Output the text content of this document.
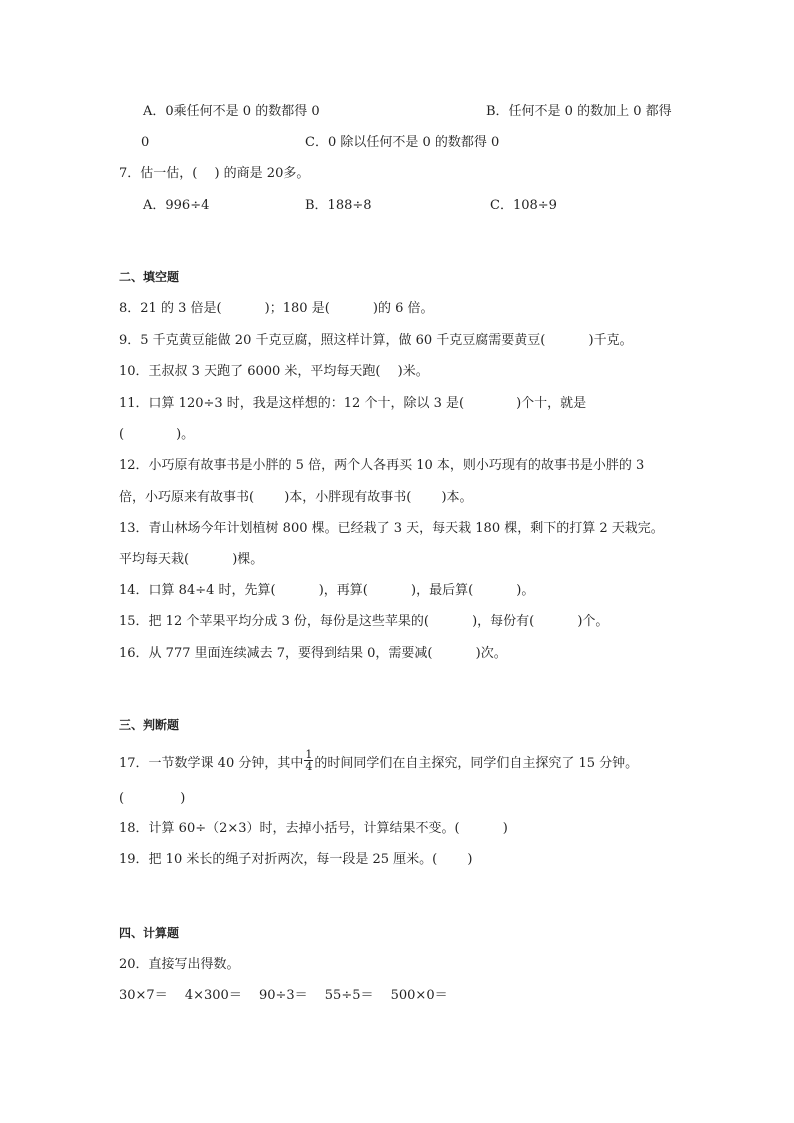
A．0乘任何不是 0 的数都得 0	B．任何不是 0 的数加上 0 都得
0	C．0 除以任何不是 0 的数都得 0
7．估一估，(　 ) 的商是 20多。
A．996÷4	B．188÷8	C．108÷9
二、填空题
8．21 的 3 倍是(　　　 )；180 是(　　　 )的 6 倍。
9．5 千克黄豆能做 20 千克豆腐，照这样计算，做 60 千克豆腐需要黄豆(　　　 )千克。
10．王叔叔 3 天跑了 6000 米，平均每天跑(　 )米。
11．口算 120÷3 时，我是这样想的：12 个十，除以 3 是(　　　　)个十，就是
(　　　　)。
12．小巧原有故事书是小胖的 5 倍，两个人各再买 10 本，则小巧现有的故事书是小胖的 3
倍，小巧原来有故事书(　　 )本，小胖现有故事书(　　 )本。
13．青山林场今年计划植树 800 棵。已经栽了 3 天，每天栽 180 棵，剩下的打算 2 天栽完。
平均每天栽(　　　 )棵。
14．口算 84÷4 时，先算(　　　 )，再算(　　　 )，最后算(　　　 )。
15．把 12 个苹果平均分成 3 份，每份是这些苹果的(　　　 )，每份有(　　　 )个。
16．从 777 里面连续减去 7，要得到结果 0，需要减(　　　 )次。
三、判断题
17．一节数学课 40 分钟，其中 $\frac{1}{4}$ 的时间同学们在自主探究，同学们自主探究了 15 分钟。
(　　　　 )
18．计算 60÷（2×3）时，去掉小括号，计算结果不变。(　　　 )
19．把 10 米长的绳子对折两次，每一段是 25 厘米。(　　 )
四、计算题
20．直接写出得数。
30×7＝　 4×300＝　 90÷3＝　 55÷5＝　 500×0＝
